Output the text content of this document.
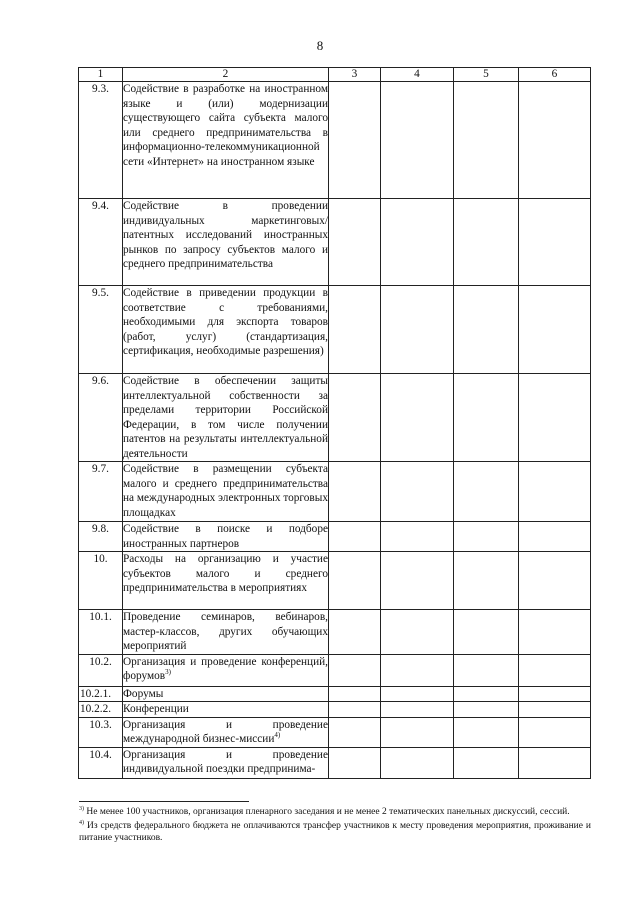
8
1	2	3	4	5	6
9.3.	Содействие в разработке на иностранном языке и (или) модернизации существующего сайта субъекта малого или среднего предпринимательства в информационно-телекоммуникационной сети «Интернет» на иностранном языке				
9.4.	Содействие в проведении индивидуальных маркетинговых/ патентных исследований иностранных рынков по запросу субъектов малого и среднего предпринимательства				
9.5.	Содействие в приведении продукции в соответствие с требованиями, необходимыми для экспорта товаров (работ, услуг) (стандартизация, сертификация, необходимые разрешения)				
9.6.	Содействие в обеспечении защиты интеллектуальной собственности за пределами территории Российской Федерации, в том числе получении патентов на результаты интеллектуальной деятельности				
9.7.	Содействие в размещении субъекта малого и среднего предпринимательства на международных электронных торговых площадках				
9.8.	Содействие в поиске и подборе иностранных партнеров				
10.	Расходы на организацию и участие субъектов малого и среднего предпринимательства в мероприятиях				
10.1.	Проведение семинаров, вебинаров, мастер-классов, других обучающих мероприятий				
10.2.	Организация и проведение конференций, форумов$^{3)}$				
10.2.1.	Форумы				
10.2.2.	Конференции				
10.3.	Организация и проведение международной бизнес-миссии$^{4)}$				
10.4.	Организация и проведение индивидуальной поездки предпринима-				

$^{3)}$ Не менее 100 участников, организация пленарного заседания и не менее 2 тематических панельных дискуссий, сессий.

$^{4)}$ Из средств федерального бюджета не оплачиваются трансфер участников к месту проведения мероприятия, проживание и питание участников.
